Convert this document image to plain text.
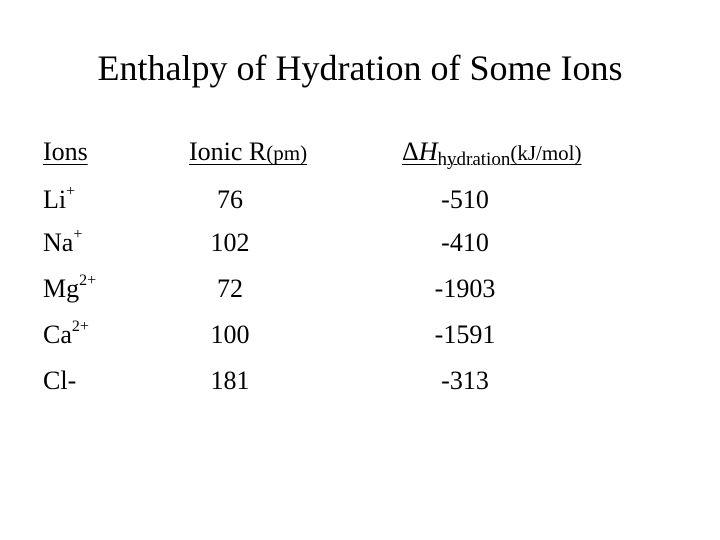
Enthalpy of Hydration of Some Ions
Ions	Ionic R(pm)	ΔHhydration(kJ/mol)
Li+	76	-510
Na+	102	-410
$Mg^{2+}$	72	-1903
$Ca^{2+}$	100	-1591
Cl-	181	-313
